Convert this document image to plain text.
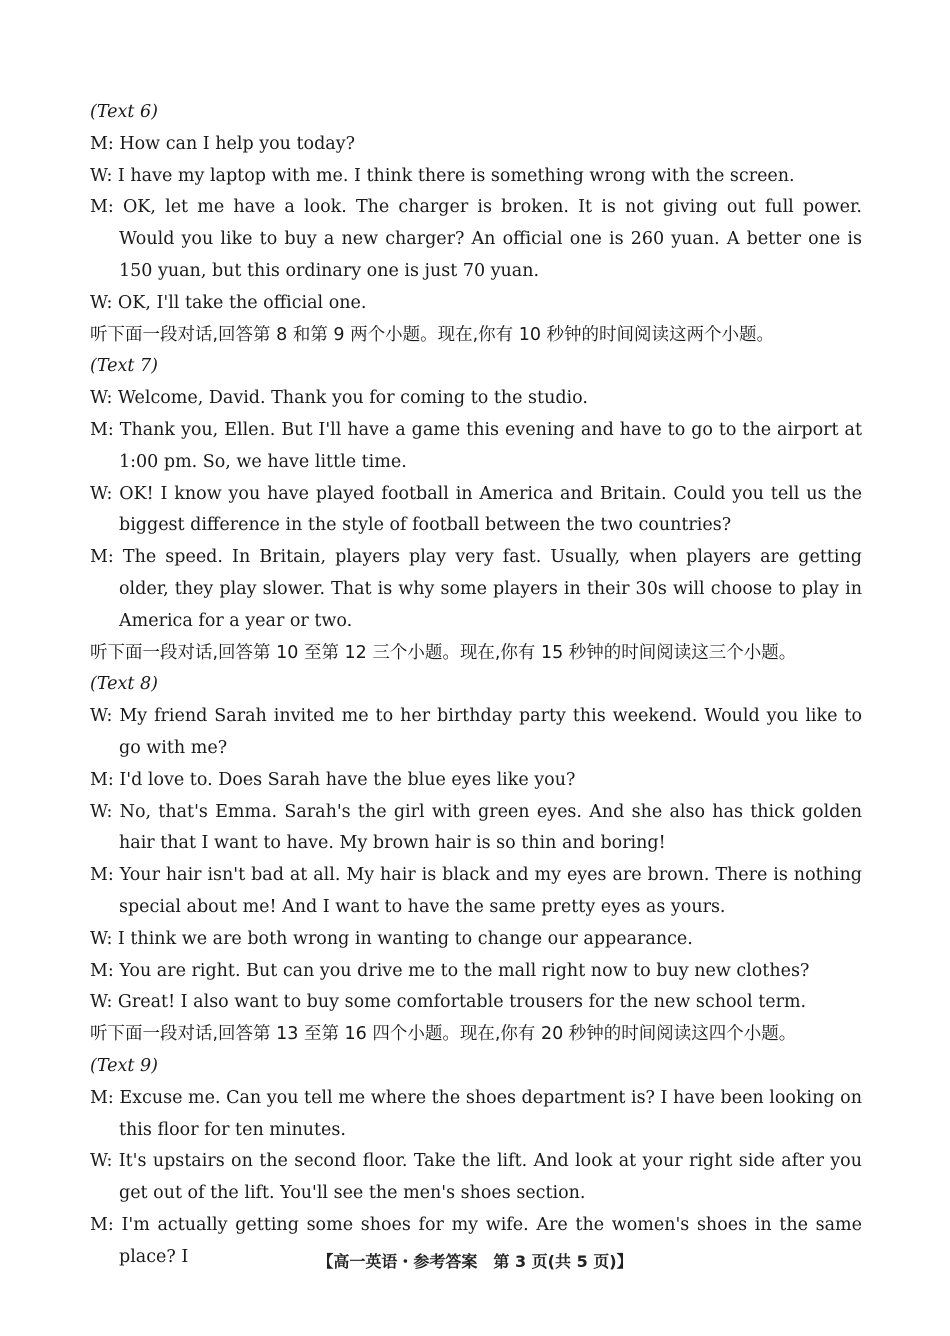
(Text 6)
M: How can I help you today?
W: I have my laptop with me. I think there is something wrong with the screen.
M: OK, let me have a look. The charger is broken. It is not giving out full power. Would you like to buy a new charger? An official one is 260 yuan. A better one is 150 yuan, but this ordinary one is just 70 yuan.
W: OK, I'll take the official one.
听下面一段对话,回答第 8 和第 9 两个小题。现在,你有 10 秒钟的时间阅读这两个小题。
(Text 7)
W: Welcome, David. Thank you for coming to the studio.
M: Thank you, Ellen. But I'll have a game this evening and have to go to the airport at 1:00 pm. So, we have little time.
W: OK! I know you have played football in America and Britain. Could you tell us the biggest difference in the style of football between the two countries?
M: The speed. In Britain, players play very fast. Usually, when players are getting older, they play slower. That is why some players in their 30s will choose to play in America for a year or two.
听下面一段对话,回答第 10 至第 12 三个小题。现在,你有 15 秒钟的时间阅读这三个小题。
(Text 8)
W: My friend Sarah invited me to her birthday party this weekend. Would you like to go with me?
M: I'd love to. Does Sarah have the blue eyes like you?
W: No, that's Emma. Sarah's the girl with green eyes. And she also has thick golden hair that I want to have. My brown hair is so thin and boring!
M: Your hair isn't bad at all. My hair is black and my eyes are brown. There is nothing special about me! And I want to have the same pretty eyes as yours.
W: I think we are both wrong in wanting to change our appearance.
M: You are right. But can you drive me to the mall right now to buy new clothes?
W: Great! I also want to buy some comfortable trousers for the new school term.
听下面一段对话,回答第 13 至第 16 四个小题。现在,你有 20 秒钟的时间阅读这四个小题。
(Text 9)
M: Excuse me. Can you tell me where the shoes department is? I have been looking on this floor for ten minutes.
W: It's upstairs on the second floor. Take the lift. And look at your right side after you get out of the lift. You'll see the men's shoes section.
M: I'm actually getting some shoes for my wife. Are the women's shoes in the same place? I	【高一英语・参考答案　第 3 页(共 5 页)】
